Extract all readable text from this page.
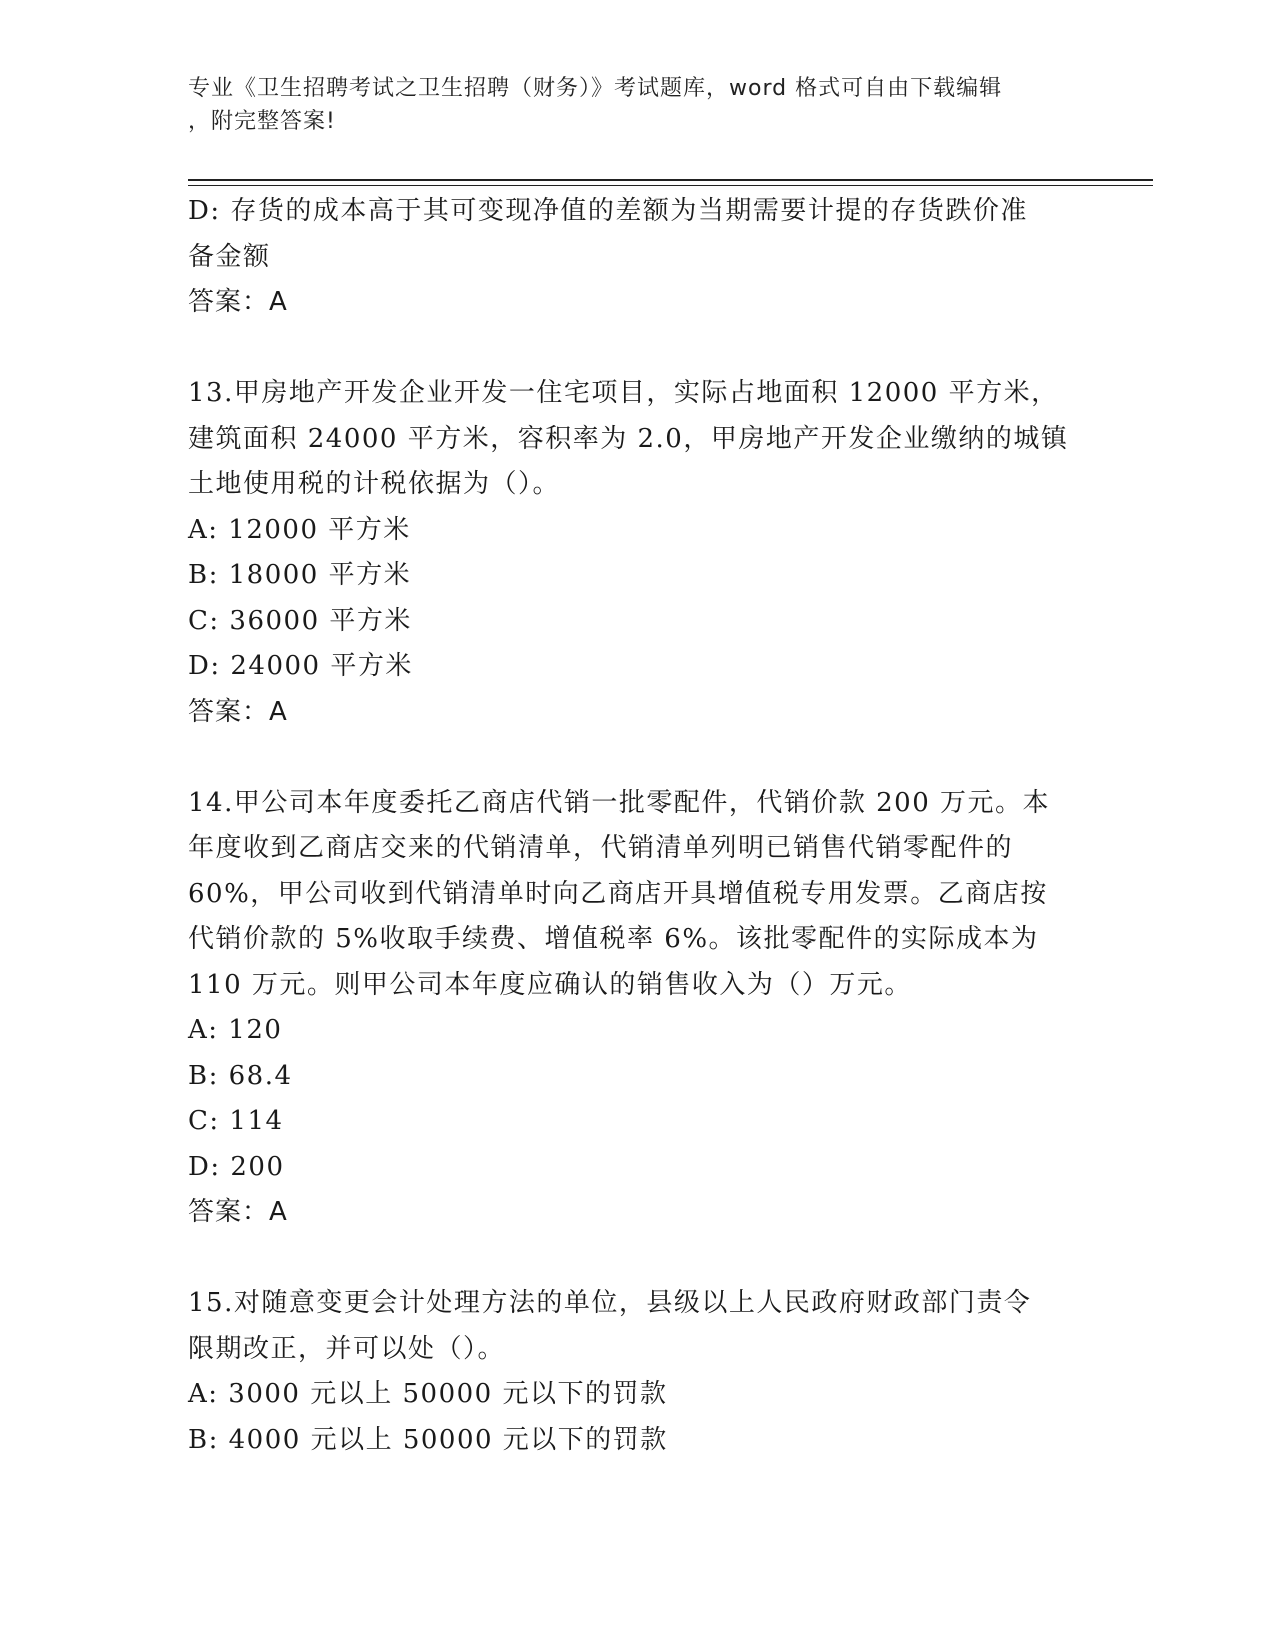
专业《卫生招聘考试之卫生招聘（财务）》考试题库，word 格式可自由下载编辑
，附完整答案!

D: 存货的成本高于其可变现净值的差额为当期需要计提的存货跌价准

备金额

答案：A

13.甲房地产开发企业开发一住宅项目，实际占地面积 12000 平方米，

建筑面积 24000 平方米，容积率为 2.0，甲房地产开发企业缴纳的城镇

土地使用税的计税依据为（）。

A: 12000 平方米

B: 18000 平方米

C: 36000 平方米

D: 24000 平方米

答案：A

14.甲公司本年度委托乙商店代销一批零配件，代销价款 200 万元。本

年度收到乙商店交来的代销清单，代销清单列明已销售代销零配件的

60%，甲公司收到代销清单时向乙商店开具增值税专用发票。乙商店按

代销价款的 5%收取手续费、增值税率 6%。该批零配件的实际成本为

110 万元。则甲公司本年度应确认的销售收入为（）万元。

A: 120

B: 68.4

C: 114

D: 200

答案：A

15.对随意变更会计处理方法的单位，县级以上人民政府财政部门责令

限期改正，并可以处（）。

A: 3000 元以上 50000 元以下的罚款

B: 4000 元以上 50000 元以下的罚款
